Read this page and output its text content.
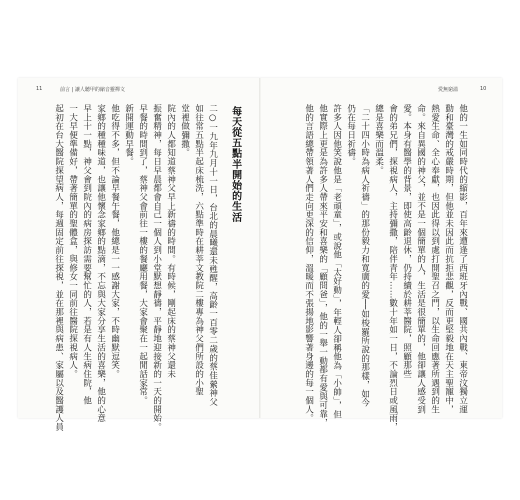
11	前言 | 讓人聽甲的縮音靈禪文	愛無窮溢	10
他的一生如同時代的縮影，百年來遭逢了西班牙內戰、國共內戰、東帝汶獨立運
動和臺灣的戒嚴時期，但他並未因此而抗拒悲觀，反而更堅毅地在天主聖寵中，
熱愛生命、全心奉獻，也因此得以到處打開聖召之門，以生命回應著所遇到的生
命。來自異國的神父，並不是一個簡單的人，生活是很簡單的，他卻讓人感受到
愛。本身有醫學的背景，即使高齡退休，仍持續於耕莘醫院，照顧那些
會的弟兄們，探視病人，主持彌撒，陪伴青年……數十年如一日，不論烈日或風雨，
總是喜樂而溫柔。
「二十四小時為病人祈禱」的那份毅力和寬廣的愛──如梭羅所說的那樣，如今
仍在每日祈禱。
許多人因他笑說他是「老頑童」，或說他「太好動」，年輕人卻稱他為「小帥」，但
他實際上更是為許多人帶來平安和喜樂的「顧問爸」，他的一舉一動都有愛與可靠，
他的言語總帶領著人們走向更深的信仰，溫暖而不張揚地影響著身邊的每一個人。
每天從五點半開始的生活
二○一九年九月十一日，台北的晨曦還未甦醒，高齡一百零二歲的蔡佳縈神父
如往常五點半起床梳洗，六點準時在耕莘文教院二樓專為神父們所設的小聖
堂裡做彌撒。
院內的人都知道蔡神父早上新禱的時間。有時候，剛起床的蔡神父還未
振奮精神，每日早晨都會自己一個人到小堂默想靜禱，平靜地迎接新的一天的開始。
早餐的時間到了，蔡神父會前往一樓的餐廳用餐，大家會聚在一起閒話家常。
新開運動早餐。
他吃得不多，但不論早餐午餐，他總是一一感謝大家，不時幽默逗笑。
家鄉的種種味道，也讓他懷念家鄉的點滴，不忘與大家分享生活的喜樂，他的心意
早上十一點，神父會到院內的病房探訪需要幫忙的人，若是有人生病住院，他
一大早便準備好，帶著簡單的聖體盒，與修女一同前往醫院探視病人。
起初在台大醫院探望病人，每週固定前往探視，並在那裡與病患、家屬以及醫護人員
